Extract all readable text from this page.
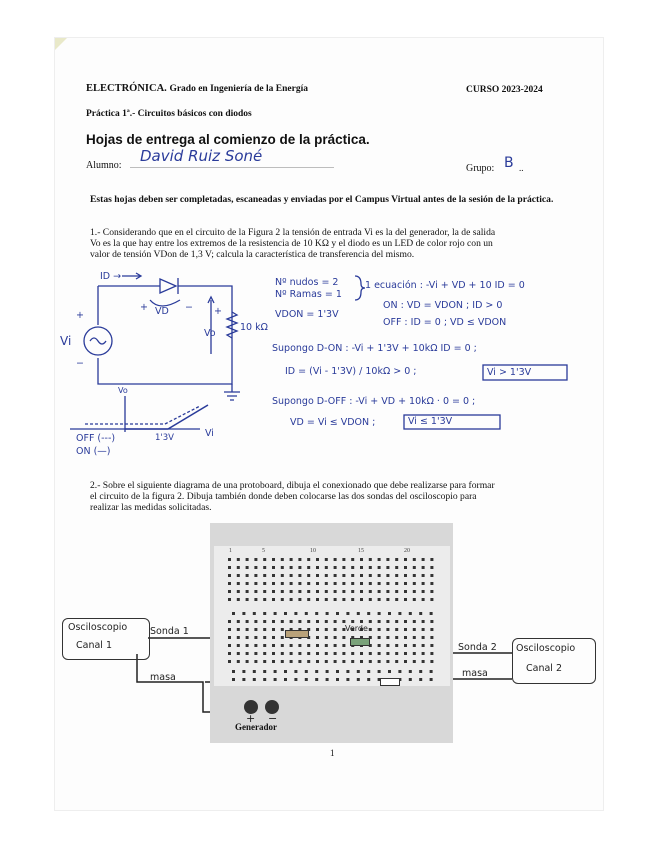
ELECTRÓNICA. Grado en Ingeniería de la Energía	CURSO 2023-2024
Práctica 1ª.- Circuitos básicos con diodos
Hojas de entrega al comienzo de la práctica.
Alumno: ......................................................................................................
David Ruiz Soné
Grupo: B ..
Estas hojas deben ser completadas, escaneadas y enviadas por el Campus Virtual antes de la sesión de la práctica.
1.- Considerando que en el circuito de la Figura 2 la tensión de entrada Vi es la del generador, la de salida
Vo es la que hay entre los extremos de la resistencia de 10 KΩ y el diodo es un LED de color rojo con un
valor de tensión VDon de 1,3 V; calcula la característica de transferencia del mismo.
Nº nudos = 2
Nº Ramas = 1
1 ecuación : -Vi + VD + 10 ID = 0
ON : VD = VDON ; ID > 0
OFF : ID = 0 ; VD ≤ VDON
VDON = 1'3V
Supongo D-ON : -Vi + 1'3V + 10kΩ ID = 0 ;
ID = (Vi - 1'3V) / 10kΩ > 0 ;	Vi > 1'3V
Supongo D-OFF : -Vi + VD + 10kΩ · 0 = 0 ;
VD = Vi ≤ VDON ;	Vi ≤ 1'3V
ID →
Vi
VD
Vo
10 kΩ
+
−
+	− +
Vo
Vi
1'3V
OFF (---)
ON (—)
2.- Sobre el siguiente diagrama de una protoboard, dibuja el conexionado que debe realizarse para formar
el circuito de la figura 2. Dibuja también donde deben colocarse las dos sondas del osciloscopio para
realizar las medidas solicitadas.
1	5	10	15	20
Verde
+ −
Generador
Osciloscopio
Canal 1	Osciloscopio
Canal 2
Sonda 1
Sonda 2
masa	masa
1
